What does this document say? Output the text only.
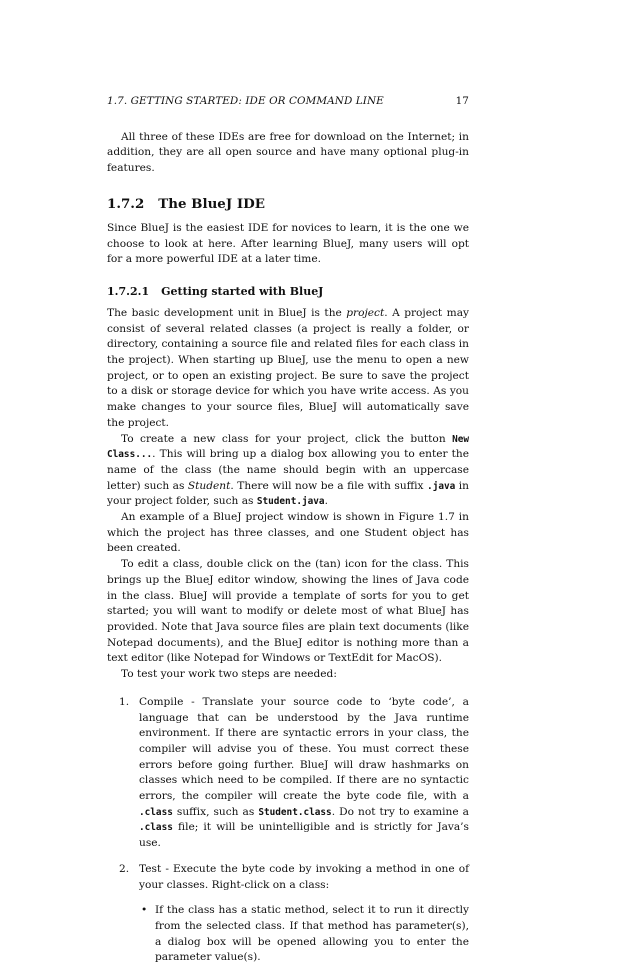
1.7. GETTING STARTED: IDE OR COMMAND LINE	17

All three of these IDEs are free for download on the Internet; in addition, they are all open source and have many optional plug-in features.

1.7.2 The BlueJ IDE

Since BlueJ is the easiest IDE for novices to learn, it is the one we choose to look at here. After learning BlueJ, many users will opt for a more powerful IDE at a later time.

1.7.2.1 Getting started with BlueJ

The basic development unit in BlueJ is the project. A project may consist of several related classes (a project is really a folder, or directory, containing a source file and related files for each class in the project). When starting up BlueJ, use the menu to open a new project, or to open an existing project. Be sure to save the project to a disk or storage device for which you have write access. As you make changes to your source files, BlueJ will automatically save the project.

To create a new class for your project, click the button New Class.... This will bring up a dialog box allowing you to enter the name of the class (the name should begin with an uppercase letter) such as Student. There will now be a file with suffix .java in your project folder, such as Student.java.

An example of a BlueJ project window is shown in Figure 1.7 in which the project has three classes, and one Student object has been created.

To edit a class, double click on the (tan) icon for the class. This brings up the BlueJ editor window, showing the lines of Java code in the class. BlueJ will provide a template of sorts for you to get started; you will want to modify or delete most of what BlueJ has provided. Note that Java source files are plain text documents (like Notepad documents), and the BlueJ editor is nothing more than a text editor (like Notepad for Windows or TextEdit for MacOS).

To test your work two steps are needed:

1. Compile - Translate your source code to ‘byte code’, a language that can be understood by the Java runtime environment. If there are syntactic errors in your class, the compiler will advise you of these. You must correct these errors before going further. BlueJ will draw hashmarks on classes which need to be compiled. If there are no syntactic errors, the compiler will create the byte code file, with a .class suffix, such as Student.class. Do not try to examine a .class file; it will be unintelligible and is strictly for Java’s use.

2. Test - Execute the byte code by invoking a method in one of your classes. Right-click on a class:

• If the class has a static method, select it to run it directly from the selected class. If that method has parameter(s), a dialog box will be opened allowing you to enter the parameter value(s).
